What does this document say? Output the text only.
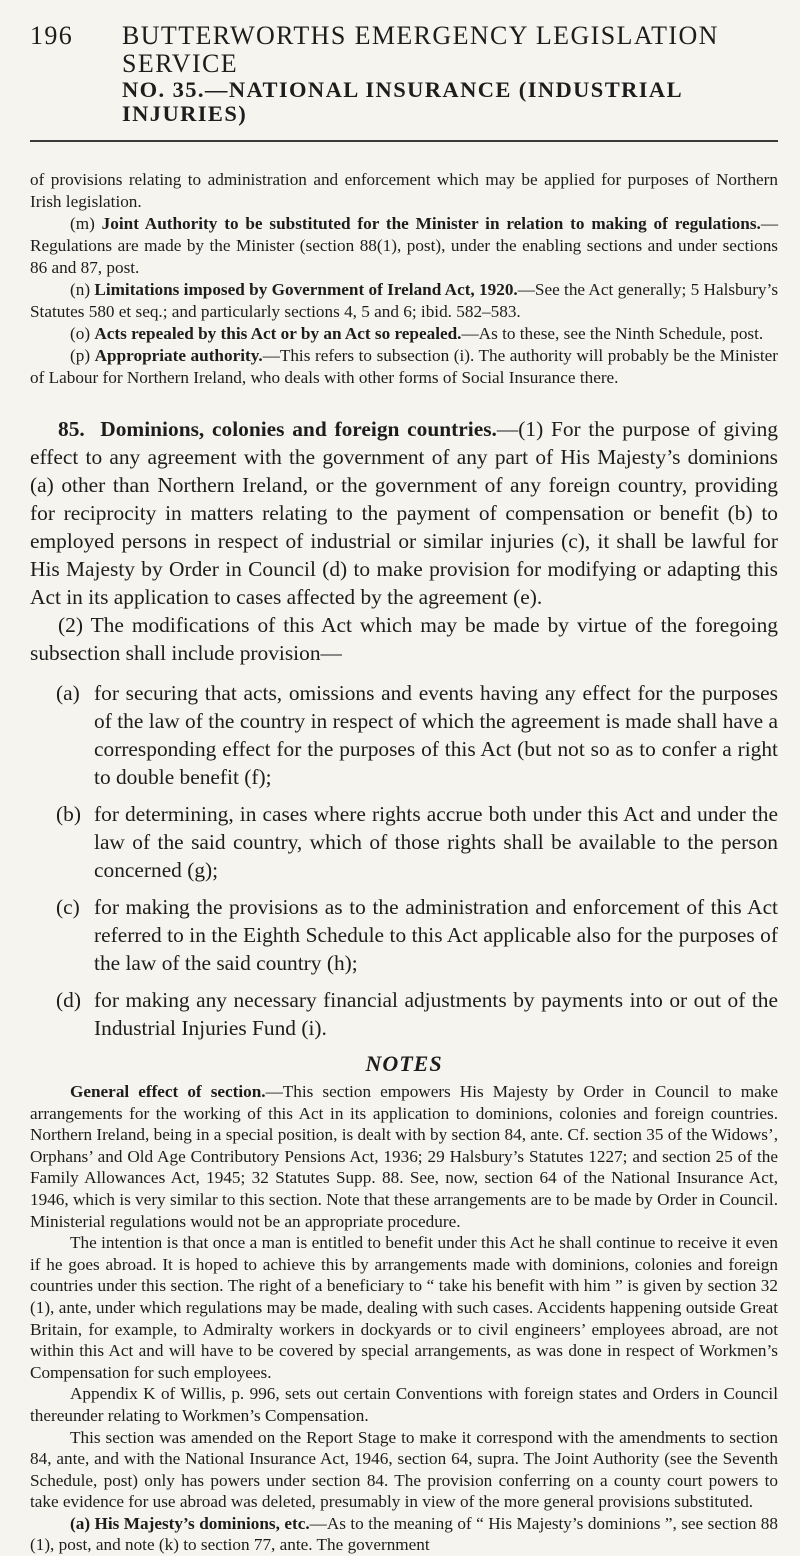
196	BUTTERWORTHS EMERGENCY LEGISLATION SERVICE
NO. 35.—NATIONAL INSURANCE (INDUSTRIAL INJURIES)

of provisions relating to administration and enforcement which may be applied for purposes of Northern Irish legislation.

(m) Joint Authority to be substituted for the Minister in relation to making of regulations.—Regulations are made by the Minister (section 88(1), post), under the enabling sections and under sections 86 and 87, post.

(n) Limitations imposed by Government of Ireland Act, 1920.—See the Act generally; 5 Halsbury’s Statutes 580 et seq.; and particularly sections 4, 5 and 6; ibid. 582–583.

(o) Acts repealed by this Act or by an Act so repealed.—As to these, see the Ninth Schedule, post.

(p) Appropriate authority.—This refers to subsection (i). The authority will probably be the Minister of Labour for Northern Ireland, who deals with other forms of Social Insurance there.

85. Dominions, colonies and foreign countries.—(1) For the purpose of giving effect to any agreement with the government of any part of His Majesty’s dominions (a) other than Northern Ireland, or the government of any foreign country, providing for reciprocity in matters relating to the payment of compensation or benefit (b) to employed persons in respect of industrial or similar injuries (c), it shall be lawful for His Majesty by Order in Council (d) to make provision for modifying or adapting this Act in its application to cases affected by the agreement (e).

(2) The modifications of this Act which may be made by virtue of the foregoing subsection shall include provision—

(a) for securing that acts, omissions and events having any effect for the purposes of the law of the country in respect of which the agreement is made shall have a corresponding effect for the purposes of this Act (but not so as to confer a right to double benefit (f);
(b) for determining, in cases where rights accrue both under this Act and under the law of the said country, which of those rights shall be available to the person concerned (g);
(c) for making the provisions as to the administration and enforcement of this Act referred to in the Eighth Schedule to this Act applicable also for the purposes of the law of the said country (h);
(d) for making any necessary financial adjustments by payments into or out of the Industrial Injuries Fund (i).
NOTES

General effect of section.—This section empowers His Majesty by Order in Council to make arrangements for the working of this Act in its application to dominions, colonies and foreign countries. Northern Ireland, being in a special position, is dealt with by section 84, ante. Cf. section 35 of the Widows’, Orphans’ and Old Age Contributory Pensions Act, 1936; 29 Halsbury’s Statutes 1227; and section 25 of the Family Allowances Act, 1945; 32 Statutes Supp. 88. See, now, section 64 of the National Insurance Act, 1946, which is very similar to this section. Note that these arrangements are to be made by Order in Council. Ministerial regulations would not be an appropriate procedure.

The intention is that once a man is entitled to benefit under this Act he shall continue to receive it even if he goes abroad. It is hoped to achieve this by arrangements made with dominions, colonies and foreign countries under this section. The right of a beneficiary to “ take his benefit with him ” is given by section 32 (1), ante, under which regulations may be made, dealing with such cases. Accidents happening outside Great Britain, for example, to Admiralty workers in dockyards or to civil engineers’ employees abroad, are not within this Act and will have to be covered by special arrangements, as was done in respect of Workmen’s Compensation for such employees.

Appendix K of Willis, p. 996, sets out certain Conventions with foreign states and Orders in Council thereunder relating to Workmen’s Compensation.

This section was amended on the Report Stage to make it correspond with the amendments to section 84, ante, and with the National Insurance Act, 1946, section 64, supra. The Joint Authority (see the Seventh Schedule, post) only has powers under section 84. The provision conferring on a county court powers to take evidence for use abroad was deleted, presumably in view of the more general provisions substituted.

(a) His Majesty’s dominions, etc.—As to the meaning of “ His Majesty’s dominions ”, see section 88 (1), post, and note (k) to section 77, ante. The government
